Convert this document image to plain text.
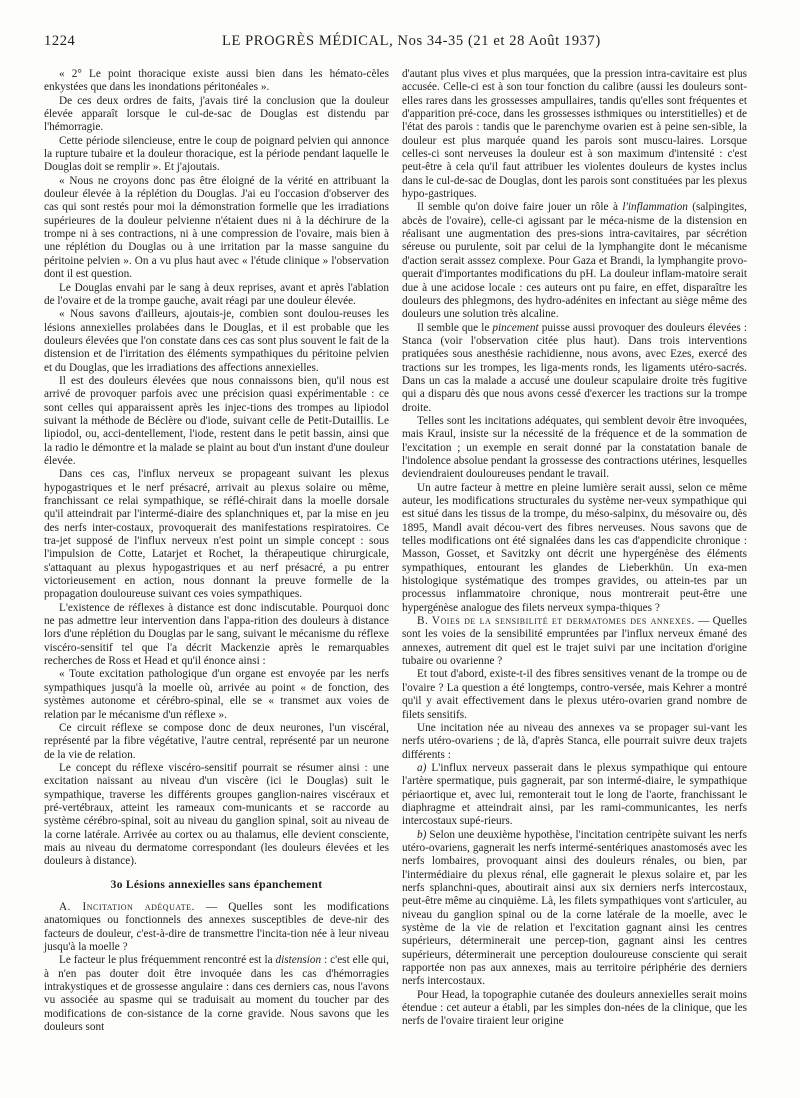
1224	LE PROGRÈS MÉDICAL, Nos 34-35 (21 et 28 Août 1937)

« 2° Le point thoracique existe aussi bien dans les hémato-cèles enkystées que dans les inondations péritonéales ».

De ces deux ordres de faits, j'avais tiré la conclusion que la douleur élevée apparaît lorsque le cul-de-sac de Douglas est distendu par l'hémorragie.

Cette période silencieuse, entre le coup de poignard pelvien qui annonce la rupture tubaire et la douleur thoracique, est la période pendant laquelle le Douglas doit se remplir ». Et j'ajoutais.

« Nous ne croyons donc pas être éloigné de la vérité en attribuant la douleur élevée à la réplétion du Douglas. J'ai eu l'occasion d'observer des cas qui sont restés pour moi la démonstration formelle que les irradiations supérieures de la douleur pelvienne n'étaient dues ni à la déchirure de la trompe ni à ses contractions, ni à une compression de l'ovaire, mais bien à une réplétion du Douglas ou à une irritation par la masse sanguine du péritoine pelvien ». On a vu plus haut avec « l'étude clinique » l'observation dont il est question.

Le Douglas envahi par le sang à deux reprises, avant et après l'ablation de l'ovaire et de la trompe gauche, avait réagi par une douleur élevée.

« Nous savons d'ailleurs, ajoutais-je, combien sont doulou-reuses les lésions annexielles prolabées dans le Douglas, et il est probable que les douleurs élevées que l'on constate dans ces cas sont plus souvent le fait de la distension et de l'irritation des éléments sympathiques du péritoine pelvien et du Douglas, que les irradiations des affections annexielles.

Il est des douleurs élevées que nous connaissons bien, qu'il nous est arrivé de provoquer parfois avec une précision quasi expérimentable : ce sont celles qui apparaissent après les injec-tions des trompes au lipiodol suivant la méthode de Béclère ou d'iode, suivant celle de Petit-Dutaillis. Le lipiodol, ou, acci-dentellement, l'iode, restent dans le petit bassin, ainsi que la radio le démontre et la malade se plaint au bout d'un instant d'une douleur élevée.

Dans ces cas, l'influx nerveux se propageant suivant les plexus hypogastriques et le nerf présacré, arrivait au plexus solaire ou même, franchissant ce relai sympathique, se réflé-chirait dans la moelle dorsale qu'il atteindrait par l'intermé-diaire des splanchniques et, par la mise en jeu des nerfs inter-costaux, provoquerait des manifestations respiratoires. Ce tra-jet supposé de l'influx nerveux n'est point un simple concept : sous l'impulsion de Cotte, Latarjet et Rochet, la thérapeutique chirurgicale, s'attaquant au plexus hypogastriques et au nerf présacré, a pu entrer victorieusement en action, nous donnant la preuve formelle de la propagation douloureuse suivant ces voies sympathiques.

L'existence de réflexes à distance est donc indiscutable. Pourquoi donc ne pas admettre leur intervention dans l'appa-rition des douleurs à distance lors d'une réplétion du Douglas par le sang, suivant le mécanisme du réflexe viscéro-sensitif tel que l'a décrit Mackenzie après le remarquables recherches de Ross et Head et qu'il énonce ainsi :

« Toute excitation pathologique d'un organe est envoyée par les nerfs sympathiques jusqu'à la moelle où, arrivée au point « de fonction, des systèmes autonome et cérébro-spinal, elle se « transmet aux voies de relation par le mécanisme d'un réflexe ».

Ce circuit réflexe se compose donc de deux neurones, l'un viscéral, représenté par la fibre végétative, l'autre central, représenté par un neurone de la vie de relation.

Le concept du réflexe viscéro-sensitif pourrait se résumer ainsi : une excitation naissant au niveau d'un viscère (ici le Douglas) suit le sympathique, traverse les différents groupes ganglion-naires viscéraux et pré-vertébraux, atteint les rameaux com-municants et se raccorde au système cérébro-spinal, soit au niveau du ganglion spinal, soit au niveau de la corne latérale. Arrivée au cortex ou au thalamus, elle devient consciente, mais au niveau du dermatome correspondant (les douleurs élevées et les douleurs à distance).

3o Lésions annexielles sans épanchement

A. Incitation adéquate. — Quelles sont les modifications anatomiques ou fonctionnels des annexes susceptibles de deve-nir des facteurs de douleur, c'est-à-dire de transmettre l'incita-tion née à leur niveau jusqu'à la moelle ?

Le facteur le plus fréquemment rencontré est la distension : c'est elle qui, à n'en pas douter doit être invoquée dans les cas d'hémorragies intrakystiques et de grossesse angulaire : dans ces derniers cas, nous l'avons vu associée au spasme qui se traduisait au moment du toucher par des modifications de con-sistance de la corne gravide. Nous savons que les douleurs sont

d'autant plus vives et plus marquées, que la pression intra-cavitaire est plus accusée. Celle-ci est à son tour fonction du calibre (aussi les douleurs sont-elles rares dans les grossesses ampullaires, tandis qu'elles sont fréquentes et d'apparition pré-coce, dans les grossesses isthmiques ou interstitielles) et de l'état des parois : tandis que le parenchyme ovarien est à peine sen-sible, la douleur est plus marquée quand les parois sont muscu-laires. Lorsque celles-ci sont nerveuses la douleur est à son maximum d'intensité : c'est peut-être à cela qu'il faut attribuer les violentes douleurs de kystes inclus dans le cul-de-sac de Douglas, dont les parois sont constituées par les plexus hypo-gastriques.

Il semble qu'on doive faire jouer un rôle à l'inflammation (salpingites, abcès de l'ovaire), celle-ci agissant par le méca-nisme de la distension en réalisant une augmentation des pres-sions intra-cavitaires, par sécrétion séreuse ou purulente, soit par celui de la lymphangite dont le mécanisme d'action serait asssez complexe. Pour Gaza et Brandi, la lymphangite provo-querait d'importantes modifications du pH. La douleur inflam-matoire serait due à une acidose locale : ces auteurs ont pu faire, en effet, disparaître les douleurs des phlegmons, des hydro-adénites en infectant au siège même des douleurs une solution très alcaline.

Il semble que le pincement puisse aussi provoquer des douleurs élevées : Stanca (voir l'observation citée plus haut). Dans trois interventions pratiquées sous anesthésie rachidienne, nous avons, avec Ezes, exercé des tractions sur les trompes, les liga-ments ronds, les ligaments utéro-sacrés. Dans un cas la malade a accusé une douleur scapulaire droite très fugitive qui a disparu dès que nous avons cessé d'exercer les tractions sur la trompe droite.

Telles sont les incitations adéquates, qui semblent devoir être invoquées, mais Kraul, insiste sur la nécessité de la fréquence et de la sommation de l'excitation ; un exemple en serait donné par la constatation banale de l'indolence absolue pendant la grossesse des contractions utérines, lesquelles deviendraient douloureuses pendant le travail.

Un autre facteur à mettre en pleine lumière serait aussi, selon ce même auteur, les modifications structurales du système ner-veux sympathique qui est situé dans les tissus de la trompe, du méso-salpinx, du mésovaire ou, dès 1895, Mandl avait décou-vert des fibres nerveuses. Nous savons que de telles modifications ont été signalées dans les cas d'appendicite chronique : Masson, Gosset, et Savitzky ont décrit une hypergénèse des éléments sympathiques, entourant les glandes de Lieberkhün. Un exa-men histologique systématique des trompes gravides, ou attein-tes par un processus inflammatoire chronique, nous montrerait peut-être une hypergénèse analogue des filets nerveux sympa-thiques ?

B. Voies de la sensibilité et dermatomes des annexes. — Quelles sont les voies de la sensibilité empruntées par l'influx nerveux émané des annexes, autrement dit quel est le trajet suivi par une incitation d'origine tubaire ou ovarienne ?

Et tout d'abord, existe-t-il des fibres sensitives venant de la trompe ou de l'ovaire ? La question a été longtemps, contro-versée, mais Kehrer a montré qu'il y avait effectivement dans le plexus utéro-ovarien grand nombre de filets sensitifs.

Une incitation née au niveau des annexes va se propager sui-vant les nerfs utéro-ovariens ; de là, d'après Stanca, elle pourrait suivre deux trajets différents :

a) L'influx nerveux passerait dans le plexus sympathique qui entoure l'artère spermatique, puis gagnerait, par son intermé-diaire, le sympathique périaortique et, avec lui, remonterait tout le long de l'aorte, franchissant le diaphragme et atteindrait ainsi, par les rami-communicantes, les nerfs intercostaux supé-rieurs.

b) Selon une deuxième hypothèse, l'incitation centripète suivant les nerfs utéro-ovariens, gagnerait les nerfs intermé-sentériques anastomosés avec les nerfs lombaires, provoquant ainsi des douleurs rénales, ou bien, par l'intermédiaire du plexus rénal, elle gagnerait le plexus solaire et, par les nerfs splanchni-ques, aboutirait ainsi aux six derniers nerfs intercostaux, peut-être même au cinquième. Là, les filets sympathiques vont s'articuler, au niveau du ganglion spinal ou de la corne latérale de la moelle, avec le système de la vie de relation et l'excitation gagnant ainsi les centres supérieurs, déterminerait une percep-tion, gagnant ainsi les centres supérieurs, déterminerait une perception douloureuse consciente qui serait rapportée non pas aux annexes, mais au territoire périphérie des derniers nerfs intercostaux.

Pour Head, la topographie cutanée des douleurs annexielles serait moins étendue : cet auteur a établi, par les simples don-nées de la clinique, que les nerfs de l'ovaire tiraient leur origine
